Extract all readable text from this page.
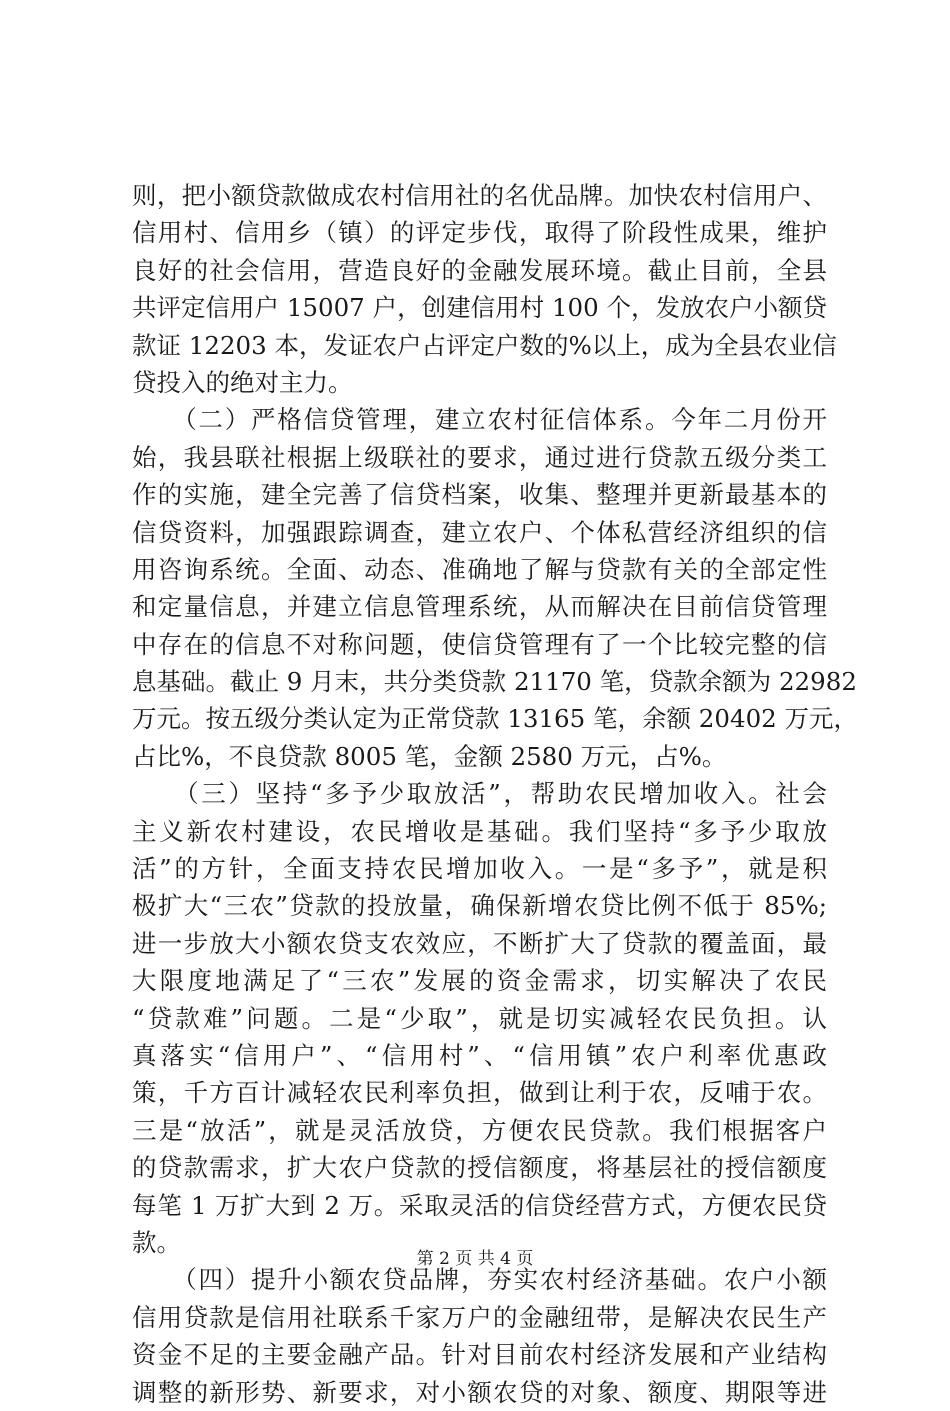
则，把小额贷款做成农村信用社的名优品牌。加快农村信用户、
信用村、信用乡（镇）的评定步伐，取得了阶段性成果，维护
良好的社会信用，营造良好的金融发展环境。截止目前，全县
共评定信用户 15007 户，创建信用村 100 个，发放农户小额贷
款证 12203 本，发证农户占评定户数的%以上，成为全县农业信
贷投入的绝对主力。
　　（二）严格信贷管理，建立农村征信体系。今年二月份开
始，我县联社根据上级联社的要求，通过进行贷款五级分类工
作的实施，建全完善了信贷档案，收集、整理并更新最基本的
信贷资料，加强跟踪调查，建立农户、个体私营经济组织的信
用咨询系统。全面、动态、准确地了解与贷款有关的全部定性
和定量信息，并建立信息管理系统，从而解决在目前信贷管理
中存在的信息不对称问题，使信贷管理有了一个比较完整的信
息基础。截止 9 月末，共分类贷款 21170 笔，贷款余额为 22982
万元。按五级分类认定为正常贷款 13165 笔，余额 20402 万元，
占比%，不良贷款 8005 笔，金额 2580 万元，占%。
　　（三）坚持“多予少取放活”，帮助农民增加收入。社会
主义新农村建设，农民增收是基础。我们坚持“多予少取放
活”的方针，全面支持农民增加收入。一是“多予”，就是积
极扩大“三农”贷款的投放量，确保新增农贷比例不低于 85%;
进一步放大小额农贷支农效应，不断扩大了贷款的覆盖面，最
大限度地满足了“三农”发展的资金需求，切实解决了农民
“贷款难”问题。二是“少取”，就是切实减轻农民负担。认
真落实“信用户”、“信用村”、“信用镇”农户利率优惠政
策，千方百计减轻农民利率负担，做到让利于农，反哺于农。
三是“放活”，就是灵活放贷，方便农民贷款。我们根据客户
的贷款需求，扩大农户贷款的授信额度，将基层社的授信额度
每笔 1 万扩大到 2 万。采取灵活的信贷经营方式，方便农民贷
款。
　　（四）提升小额农贷品牌，夯实农村经济基础。农户小额
信用贷款是信用社联系千家万户的金融纽带，是解决农民生产
资金不足的主要金融产品。针对目前农村经济发展和产业结构
调整的新形势、新要求，对小额农贷的对象、额度、期限等进
第 2 页 共 4 页
